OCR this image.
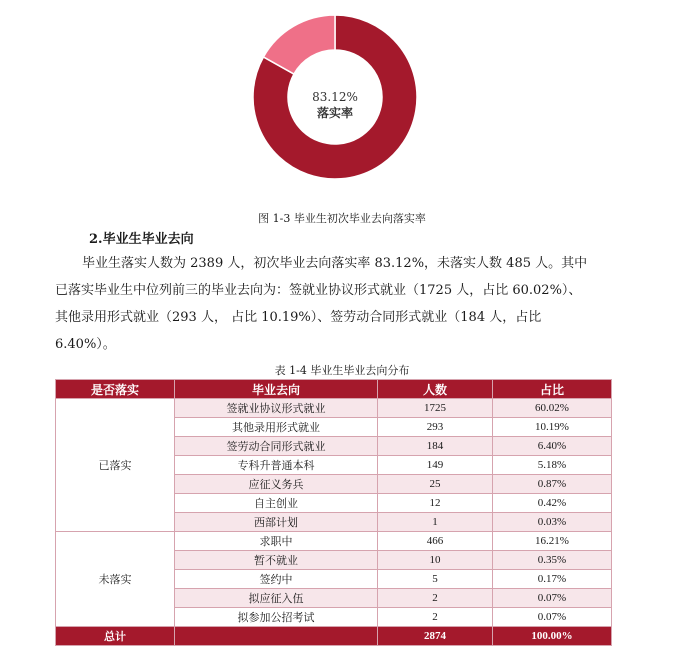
83.12%
落实率
图 1-3 毕业生初次毕业去向落实率
2.毕业生毕业去向
毕业生落实人数为 2389 人，初次毕业去向落实率 83.12%，未落实人数 485 人。其中
已落实毕业生中位列前三的毕业去向为：签就业协议形式就业（1725 人，占比 60.02%）、
其他录用形式就业（293 人， 占比 10.19%）、签劳动合同形式就业（184 人，占比
6.40%）。
表 1-4 毕业生毕业去向分布
是否落实	毕业去向	人数	占比
已落实	签就业协议形式就业	1725	60.02%
	其他录用形式就业	293	10.19%
	签劳动合同形式就业	184	6.40%
	专科升普通本科	149	5.18%
	应征义务兵	25	0.87%
	自主创业	12	0.42%
	西部计划	1	0.03%
未落实	求职中	466	16.21%
	暂不就业	10	0.35%
	签约中	5	0.17%
	拟应征入伍	2	0.07%
	拟参加公招考试	2	0.07%
总计		2874	100.00%
